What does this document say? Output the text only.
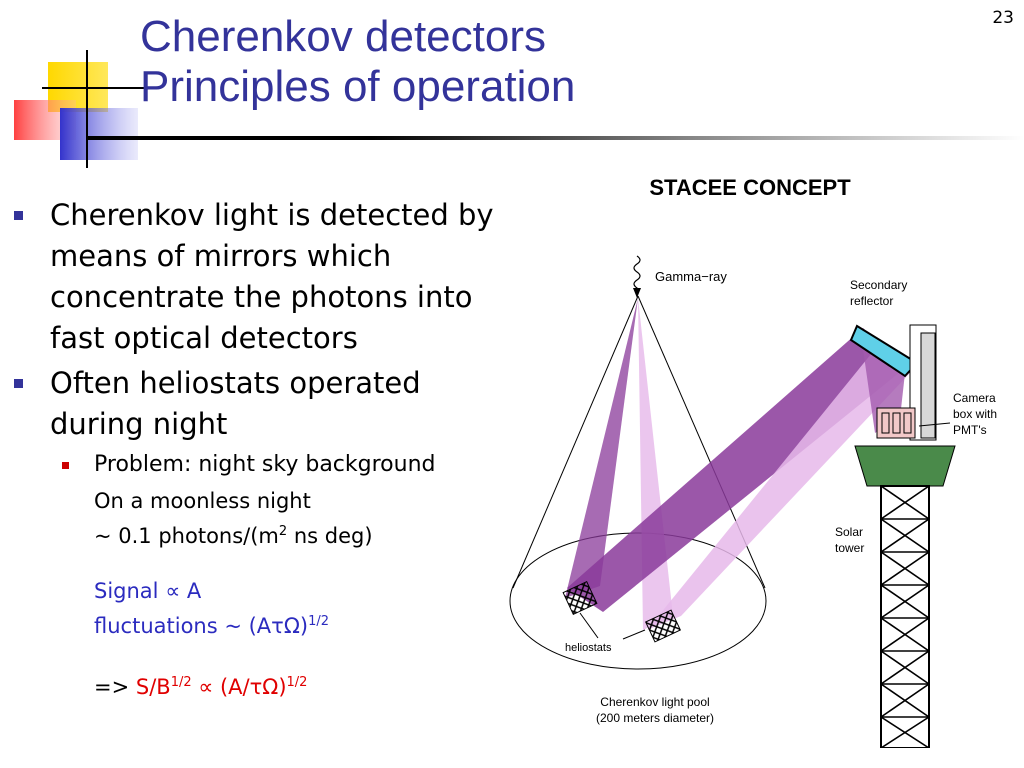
23
Cherenkov detectors
Principles of operation
Cherenkov light is detected by means of mirrors which concentrate the photons into fast optical detectors
Often heliostats operated during night
Problem: night sky background
On a moonless night
~ 0.1 photons/($m^2$ ns deg)
Signal ∝ A
fluctuations ~ $(A\tau\Omega)^{1/2}$
=> $S/B^{1/2} \propto (A/\tau\Omega)^{1/2}$
STACEE CONCEPT
Gamma−ray
heliostats
Cherenkov light pool
(200 meters diameter)
Secondary
reflector
Camera
box with
PMT's
Solar
tower
